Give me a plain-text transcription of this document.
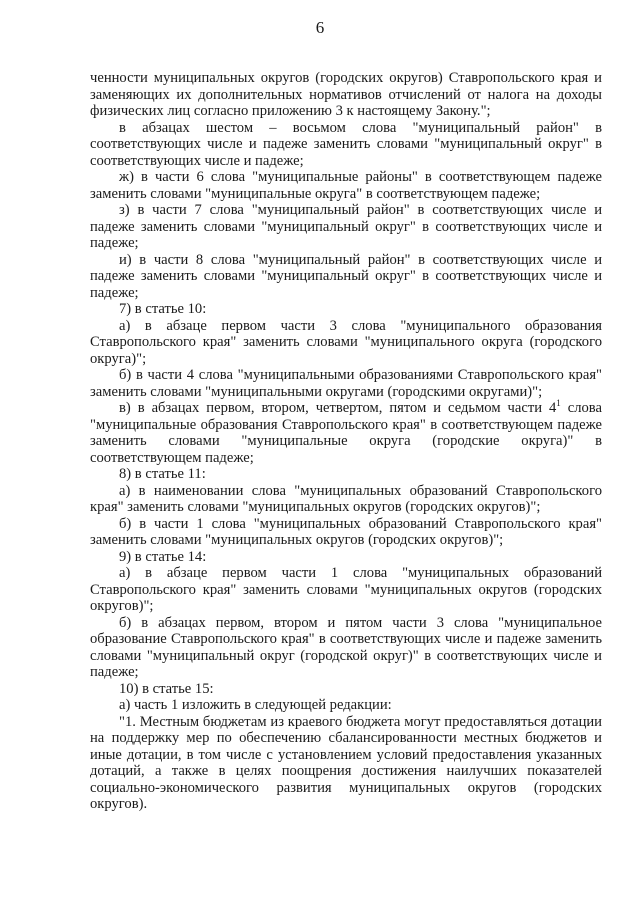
6

ченности муниципальных округов (городских округов) Ставропольского края и заменяющих их дополнительных нормативов отчислений от налога на доходы физических лиц согласно приложению 3 к настоящему Закону.";

в абзацах шестом – восьмом слова "муниципальный район" в соответствующих числе и падеже заменить словами "муниципальный округ" в соответствующих числе и падеже;

ж) в части 6 слова "муниципальные районы" в соответствующем падеже заменить словами "муниципальные округа" в соответствующем падеже;

з) в части 7 слова "муниципальный район" в соответствующих числе и падеже заменить словами "муниципальный округ" в соответствующих числе и падеже;

и) в части 8 слова "муниципальный район" в соответствующих числе и падеже заменить словами "муниципальный округ" в соответствующих числе и падеже;

7) в статье 10:

а) в абзаце первом части 3 слова "муниципального образования Ставропольского края" заменить словами "муниципального округа (городского округа)";

б) в части 4 слова "муниципальными образованиями Ставропольского края" заменить словами "муниципальными округами (городскими округами)";

в) в абзацах первом, втором, четвертом, пятом и седьмом части $4^1$ слова "муниципальные образования Ставропольского края" в соответствующем падеже заменить словами "муниципальные округа (городские округа)" в соответствующем падеже;

8) в статье 11:

а) в наименовании слова "муниципальных образований Ставропольского края" заменить словами "муниципальных округов (городских округов)";

б) в части 1 слова "муниципальных образований Ставропольского края" заменить словами "муниципальных округов (городских округов)";

9) в статье 14:

а) в абзаце первом части 1 слова "муниципальных образований Ставропольского края" заменить словами "муниципальных округов (городских округов)";

б) в абзацах первом, втором и пятом части 3 слова "муниципальное образование Ставропольского края" в соответствующих числе и падеже заменить словами "муниципальный округ (городской округ)" в соответствующих числе и падеже;

10) в статье 15:

а) часть 1 изложить в следующей редакции:

"1. Местным бюджетам из краевого бюджета могут предоставляться дотации на поддержку мер по обеспечению сбалансированности местных бюджетов и иные дотации, в том числе с установлением условий предоставления указанных дотаций, а также в целях поощрения достижения наилучших показателей социально-экономического развития муниципальных округов (городских округов).
